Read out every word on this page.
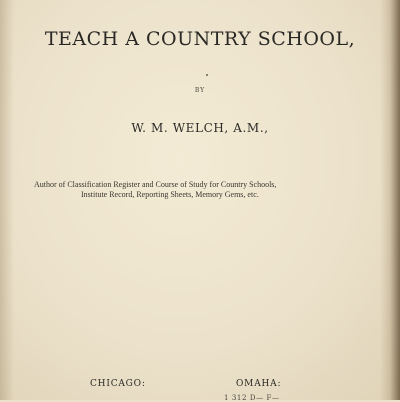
TEACH A COUNTRY SCHOOL,
BY
W. M. WELCH, A.M.,
Author of Classification Register and Course of Study for Country Schools,
Institute Record, Reporting Sheets, Memory Gems, etc.
CHICAGO:	OMAHA:
1 312 D— F—
